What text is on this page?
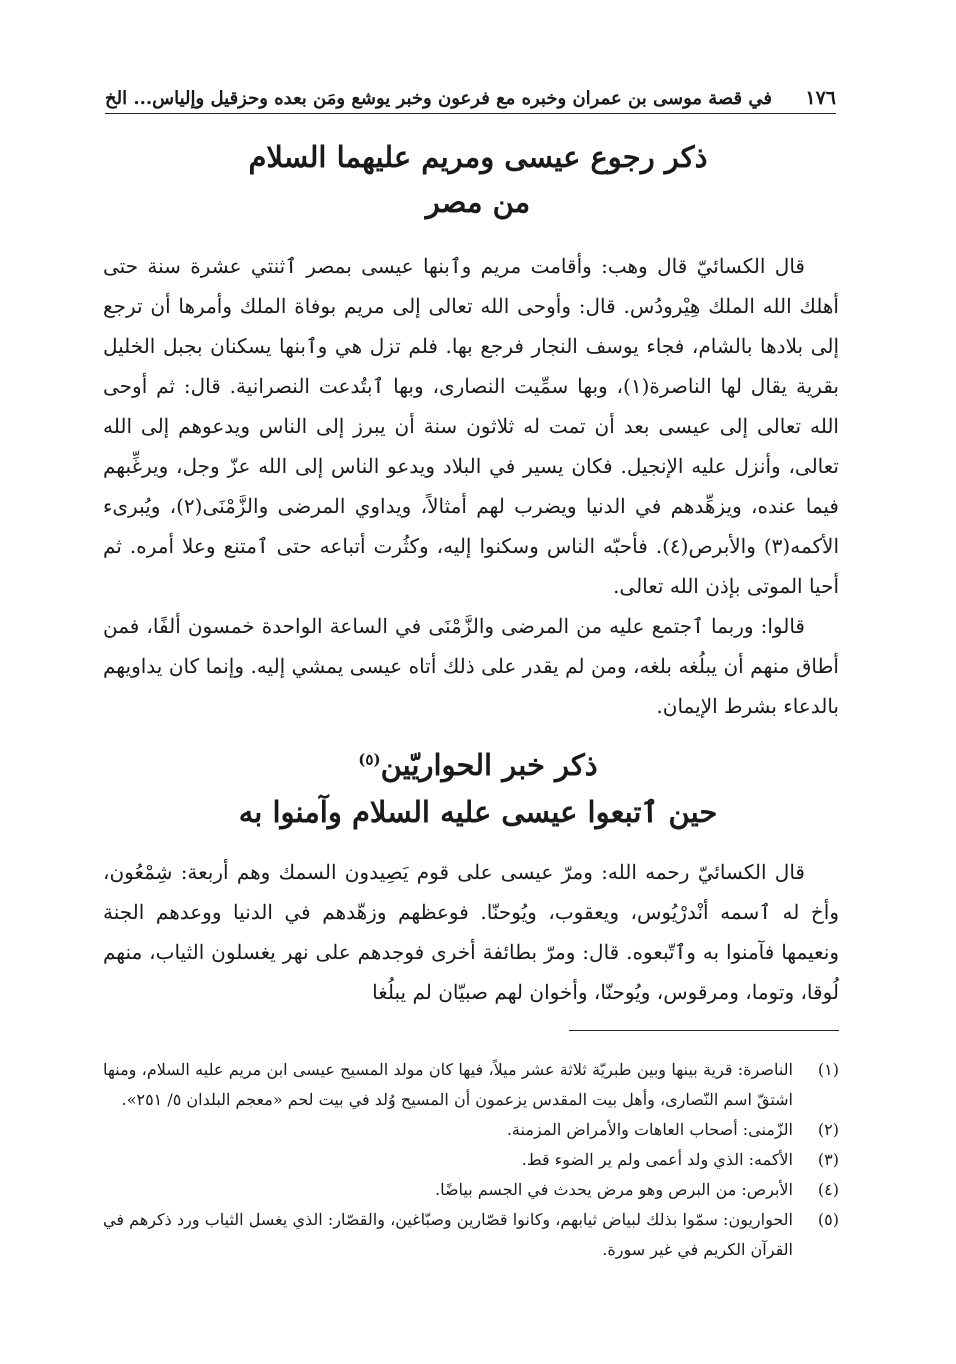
١٧٦
في قصة موسى بن عمران وخبره مع فرعون وخبر يوشع ومَن بعده وحزقيل وإلياس... الخ
ذكر رجوع عيسى ومريم عليهما السلام
من مصر

قال الكسائيّ قال وهب: وأقامت مريم وٱبنها عيسى بمصر ٱثنتي عشرة سنة حتى أهلك الله الملك هِيْرودُس. قال: وأوحى الله تعالى إلى مريم بوفاة الملك وأمرها أن ترجع إلى بلادها بالشام، فجاء يوسف النجار فرجع بها. فلم تزل هي وٱبنها يسكنان بجبل الخليل بقرية يقال لها الناصرة(١)، وبها سمِّيت النصارى، وبها ٱبتُدعت النصرانية. قال: ثم أوحى الله تعالى إلى عيسى بعد أن تمت له ثلاثون سنة أن يبرز إلى الناس ويدعوهم إلى الله تعالى، وأنزل عليه الإنجيل. فكان يسير في البلاد ويدعو الناس إلى الله عزّ وجل، ويرغِّبهم فيما عنده، ويزهِّدهم في الدنيا ويضرب لهم أمثالاً، ويداوي المرضى والزَّمْنَى(٢)، ويُبرىء الأكمه(٣) والأبرص(٤). فأحبّه الناس وسكنوا إليه، وكثُرت أتباعه حتى ٱمتنع وعلا أمره. ثم أحيا الموتى بإذن الله تعالى.

قالوا: وربما ٱجتمع عليه من المرضى والزَّمْنَى في الساعة الواحدة خمسون ألفًا، فمن أطاق منهم أن يبلُغه بلغه، ومن لم يقدر على ذلك أتاه عيسى يمشي إليه. وإنما كان يداويهم بالدعاء بشرط الإيمان.

ذكر خبر الحواريّين$^{(٥)}$
حين ٱتبعوا عيسى عليه السلام وآمنوا به

قال الكسائيّ رحمه الله: ومرّ عيسى على قوم يَصِيدون السمك وهم أربعة: شِمْعُون، وأخ له ٱسمه أنْدرْيُوس، ويعقوب، ويُوحنّا. فوعظهم وزهّدهم في الدنيا ووعدهم الجنة ونعيمها فآمنوا به وٱتّبعوه. قال: ومرّ بطائفة أخرى فوجدهم على نهر يغسلون الثياب، منهم لُوقا، وتوما، ومرقوس، ويُوحنّا، وأخوان لهم صبيّان لم يبلُغا

(١)
الناصرة: قرية بينها وبين طبريّة ثلاثة عشر ميلاً، فيها كان مولد المسيح عيسى ابن مريم عليه السلام، ومنها اشتقّ اسم النّصارى، وأهل بيت المقدس يزعمون أن المسيح وُلد في بيت لحم «معجم البلدان ٥/ ٢٥١».
(٢)
الزّمنى: أصحاب العاهات والأمراض المزمنة.
(٣)
الأكمه: الذي ولد أعمى ولم ير الضوء قط.
(٤)
الأبرص: من البرص وهو مرض يحدث في الجسم بياضًا.
(٥)
الحواريون: سمّوا بذلك لبياض ثيابهم، وكانوا قصّارين وصبّاغين، والقصّار: الذي يغسل الثياب ورد ذكرهم في القرآن الكريم في غير سورة.
